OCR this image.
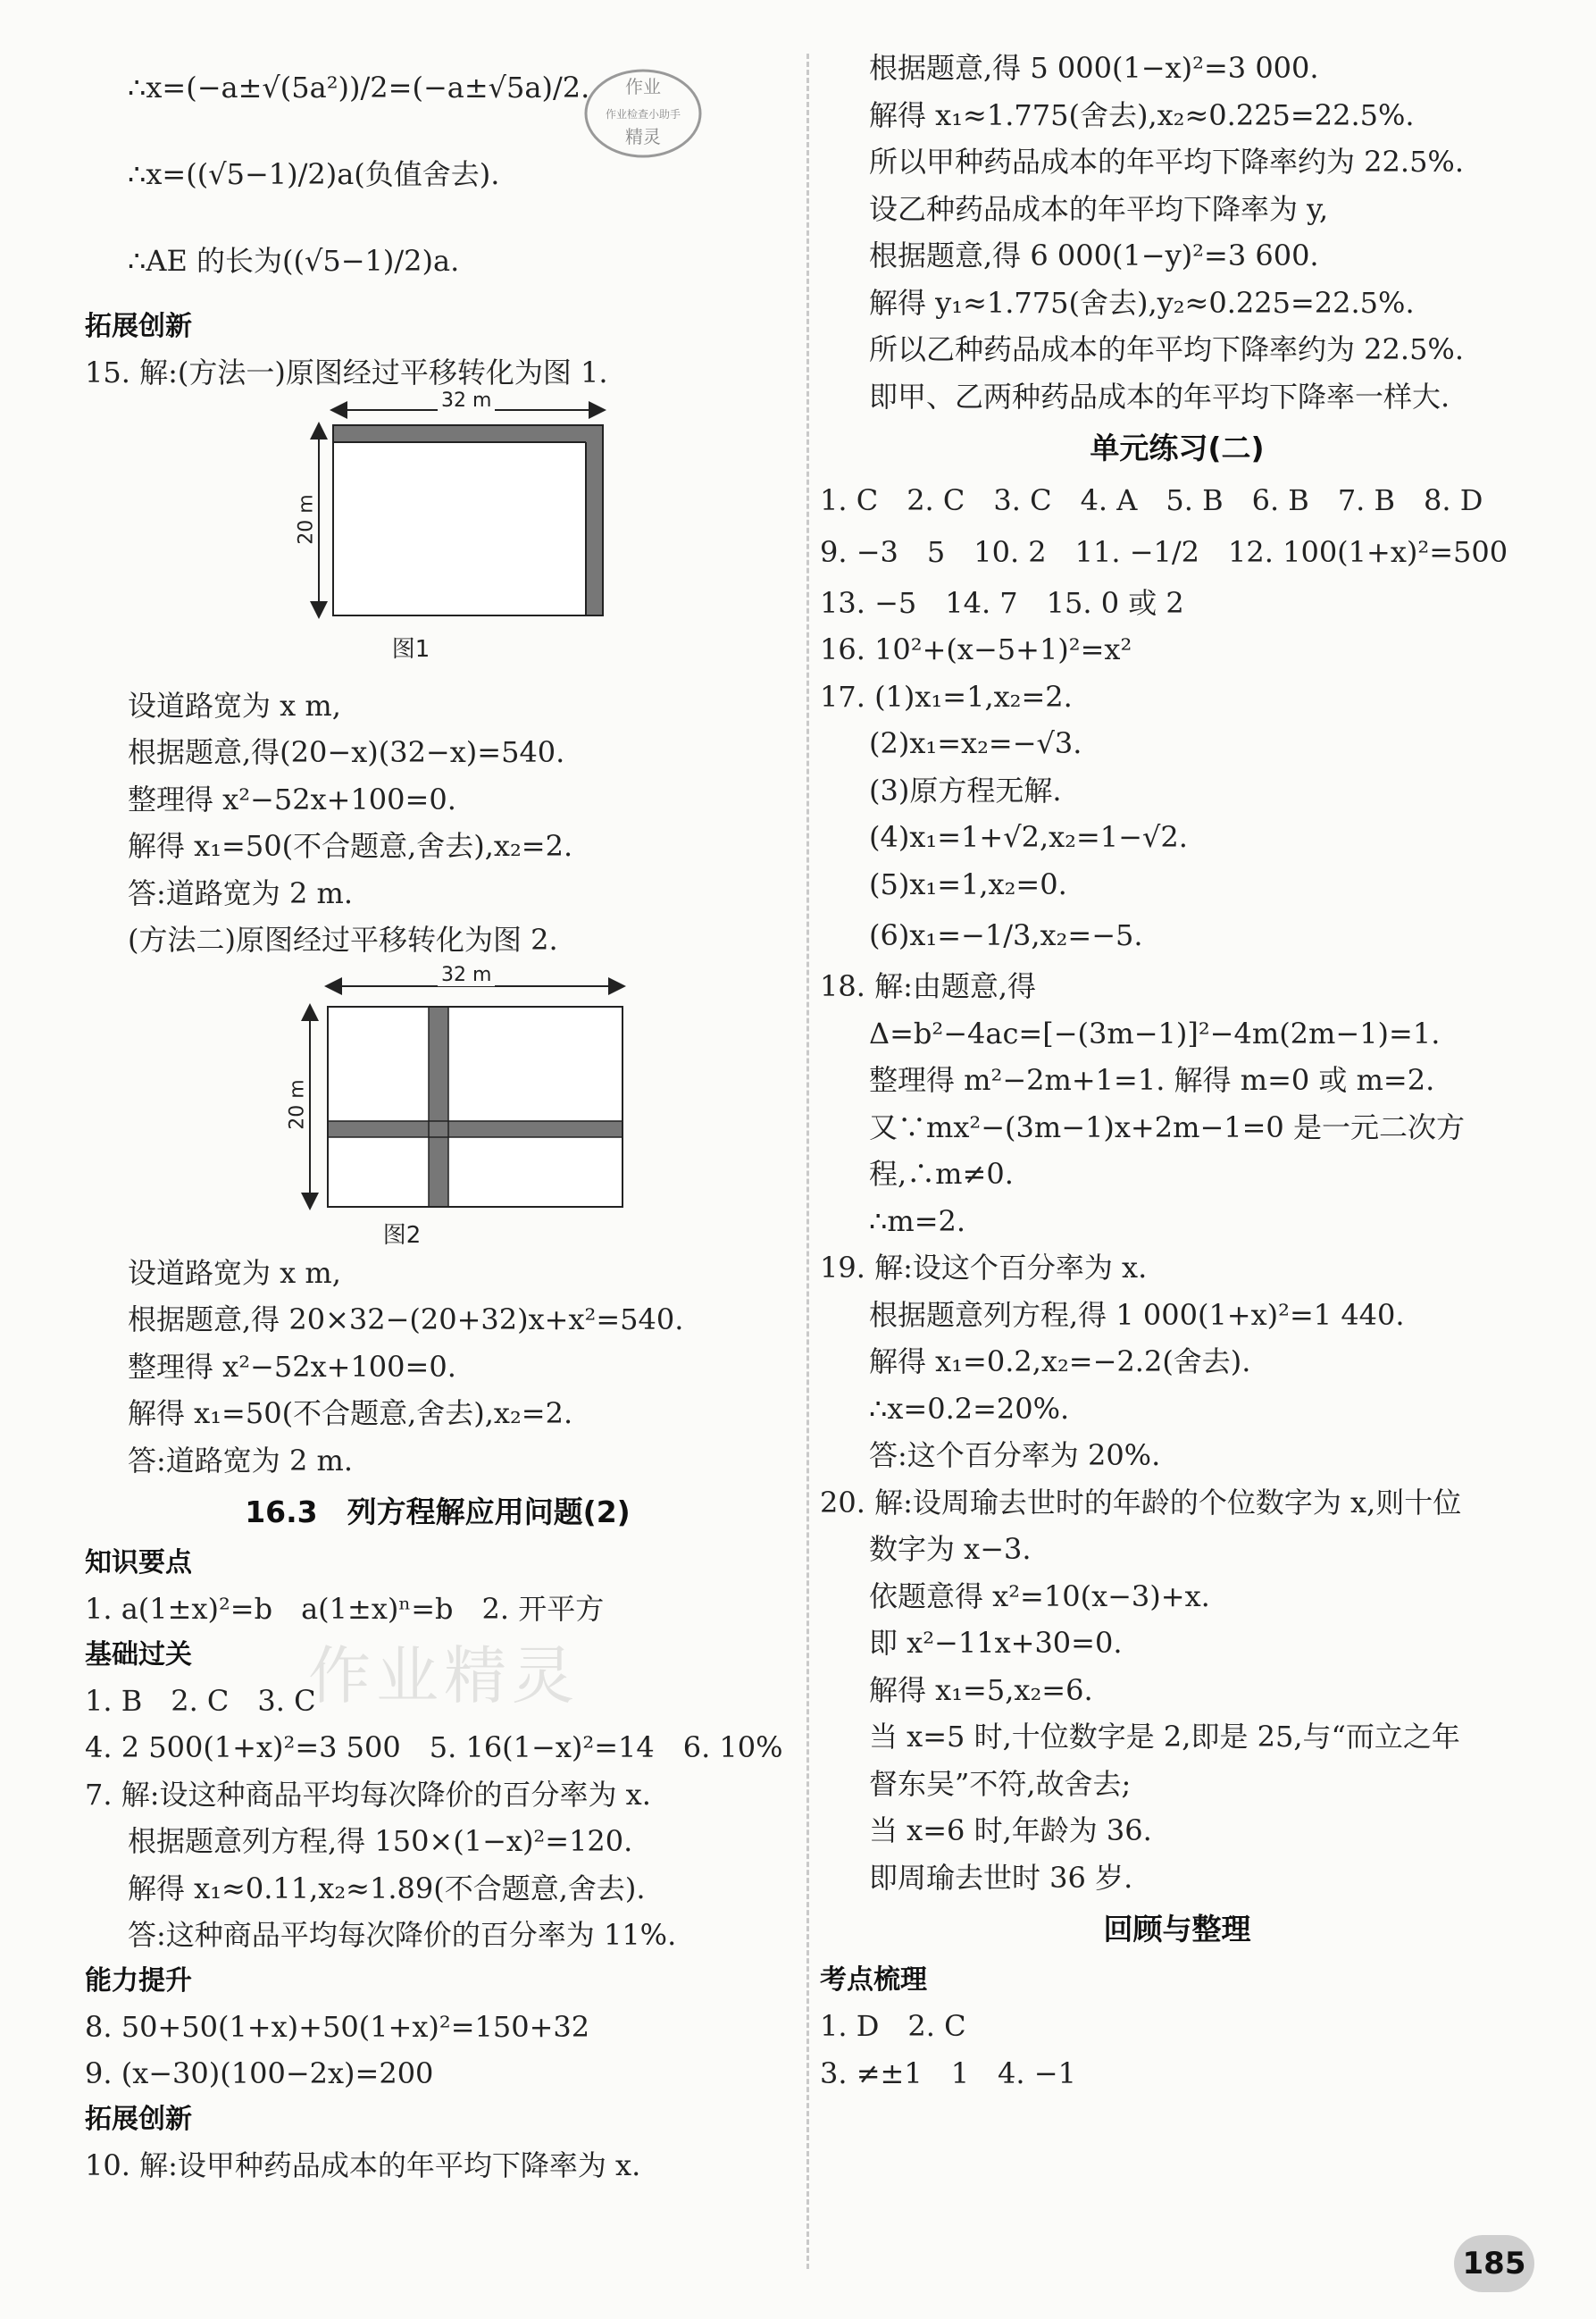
作业
作业检查小助手
精灵
作业精灵
∴x=(−a±√(5a²))/2=(−a±√5a)/2.
∴x=((√5−1)/2)a(负值舍去).
∴AE 的长为((√5−1)/2)a.
拓展创新
15. 解:(方法一)原图经过平移转化为图 1.
32 m
20 m
图1
设道路宽为 x m,
根据题意,得(20−x)(32−x)=540.
整理得 x²−52x+100=0.
解得 x₁=50(不合题意,舍去),x₂=2.
答:道路宽为 2 m.
(方法二)原图经过平移转化为图 2.
32 m
20 m
图2
设道路宽为 x m,
根据题意,得 20×32−(20+32)x+x²=540.
整理得 x²−52x+100=0.
解得 x₁=50(不合题意,舍去),x₂=2.
答:道路宽为 2 m.
16.3　列方程解应用问题(2)
知识要点
1. a(1±x)²=b　a(1±x)ⁿ=b　2. 开平方
基础过关
1. B　2. C　3. C
4. 2 500(1+x)²=3 500　5. 16(1−x)²=14　6. 10%
7. 解:设这种商品平均每次降价的百分率为 x.
根据题意列方程,得 150×(1−x)²=120.
解得 x₁≈0.11,x₂≈1.89(不合题意,舍去).
答:这种商品平均每次降价的百分率为 11%.
能力提升
8. 50+50(1+x)+50(1+x)²=150+32
9. (x−30)(100−2x)=200
拓展创新
10. 解:设甲种药品成本的年平均下降率为 x.
根据题意,得 5 000(1−x)²=3 000.
解得 x₁≈1.775(舍去),x₂≈0.225=22.5%.
所以甲种药品成本的年平均下降率约为 22.5%.
设乙种药品成本的年平均下降率为 y,
根据题意,得 6 000(1−y)²=3 600.
解得 y₁≈1.775(舍去),y₂≈0.225=22.5%.
所以乙种药品成本的年平均下降率约为 22.5%.
即甲、乙两种药品成本的年平均下降率一样大.
单元练习(二)
1. C　2. C　3. C　4. A　5. B　6. B　7. B　8. D
9. −3　5　10. 2　11. −1/2　12. 100(1+x)²=500
13. −5　14. 7　15. 0 或 2
16. 10²+(x−5+1)²=x²
17. (1)x₁=1,x₂=2.
(2)x₁=x₂=−√3.
(3)原方程无解.
(4)x₁=1+√2,x₂=1−√2.
(5)x₁=1,x₂=0.
(6)x₁=−1/3,x₂=−5.
18. 解:由题意,得
Δ=b²−4ac=[−(3m−1)]²−4m(2m−1)=1.
整理得 m²−2m+1=1. 解得 m=0 或 m=2.
又∵mx²−(3m−1)x+2m−1=0 是一元二次方
程,∴m≠0.
∴m=2.
19. 解:设这个百分率为 x.
根据题意列方程,得 1 000(1+x)²=1 440.
解得 x₁=0.2,x₂=−2.2(舍去).
∴x=0.2=20%.
答:这个百分率为 20%.
20. 解:设周瑜去世时的年龄的个位数字为 x,则十位
数字为 x−3.
依题意得 x²=10(x−3)+x.
即 x²−11x+30=0.
解得 x₁=5,x₂=6.
当 x=5 时,十位数字是 2,即是 25,与“而立之年
督东吴”不符,故舍去;
当 x=6 时,年龄为 36.
即周瑜去世时 36 岁.
回顾与整理
考点梳理
1. D　2. C
3. ≠±1　1　4. −1
185
